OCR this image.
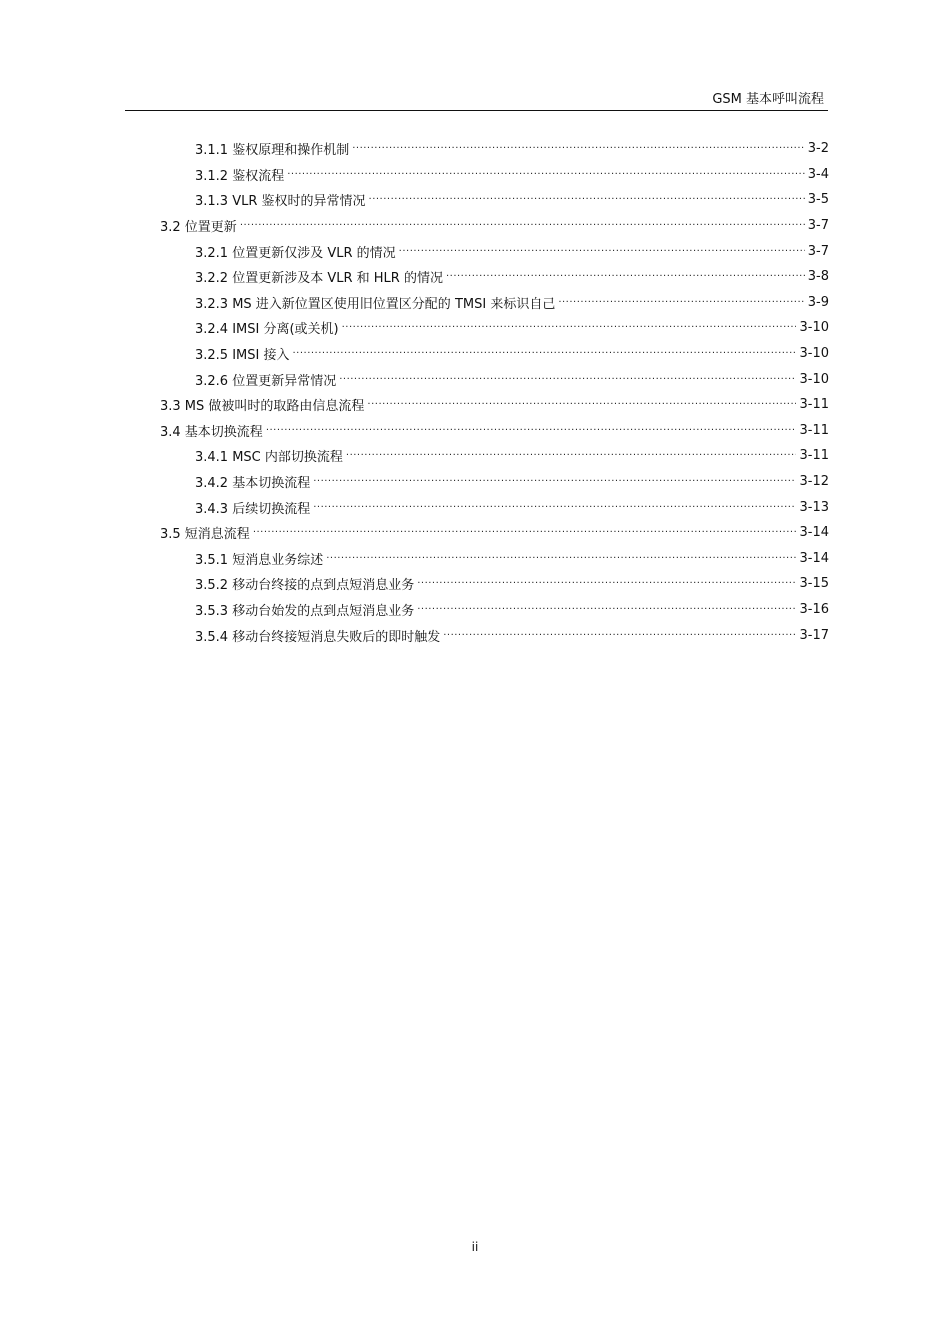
GSM 基本呼叫流程
3.1.1 鉴权原理和操作机制 .....	3-2
3.1.2 鉴权流程 .....	3-4
3.1.3 VLR 鉴权时的异常情况 .....	3-5
3.2 位置更新 .....	3-7
3.2.1 位置更新仅涉及 VLR 的情况 .....	3-7
3.2.2 位置更新涉及本 VLR 和 HLR 的情况 .....	3-8
3.2.3 MS 进入新位置区使用旧位置区分配的 TMSI 来标识自己 .....	3-9
3.2.4 IMSI 分离(或关机) .....	3-10
3.2.5 IMSI 接入 .....	3-10
3.2.6 位置更新异常情况 .....	3-10
3.3 MS 做被叫时的取路由信息流程 .....	3-11
3.4 基本切换流程 .....	3-11
3.4.1 MSC 内部切换流程 .....	3-11
3.4.2 基本切换流程 .....	3-12
3.4.3 后续切换流程 .....	3-13
3.5 短消息流程 .....	3-14
3.5.1 短消息业务综述 .....	3-14
3.5.2 移动台终接的点到点短消息业务 .....	3-15
3.5.3 移动台始发的点到点短消息业务 .....	3-16
3.5.4 移动台终接短消息失败后的即时触发 .....	3-17
ii
